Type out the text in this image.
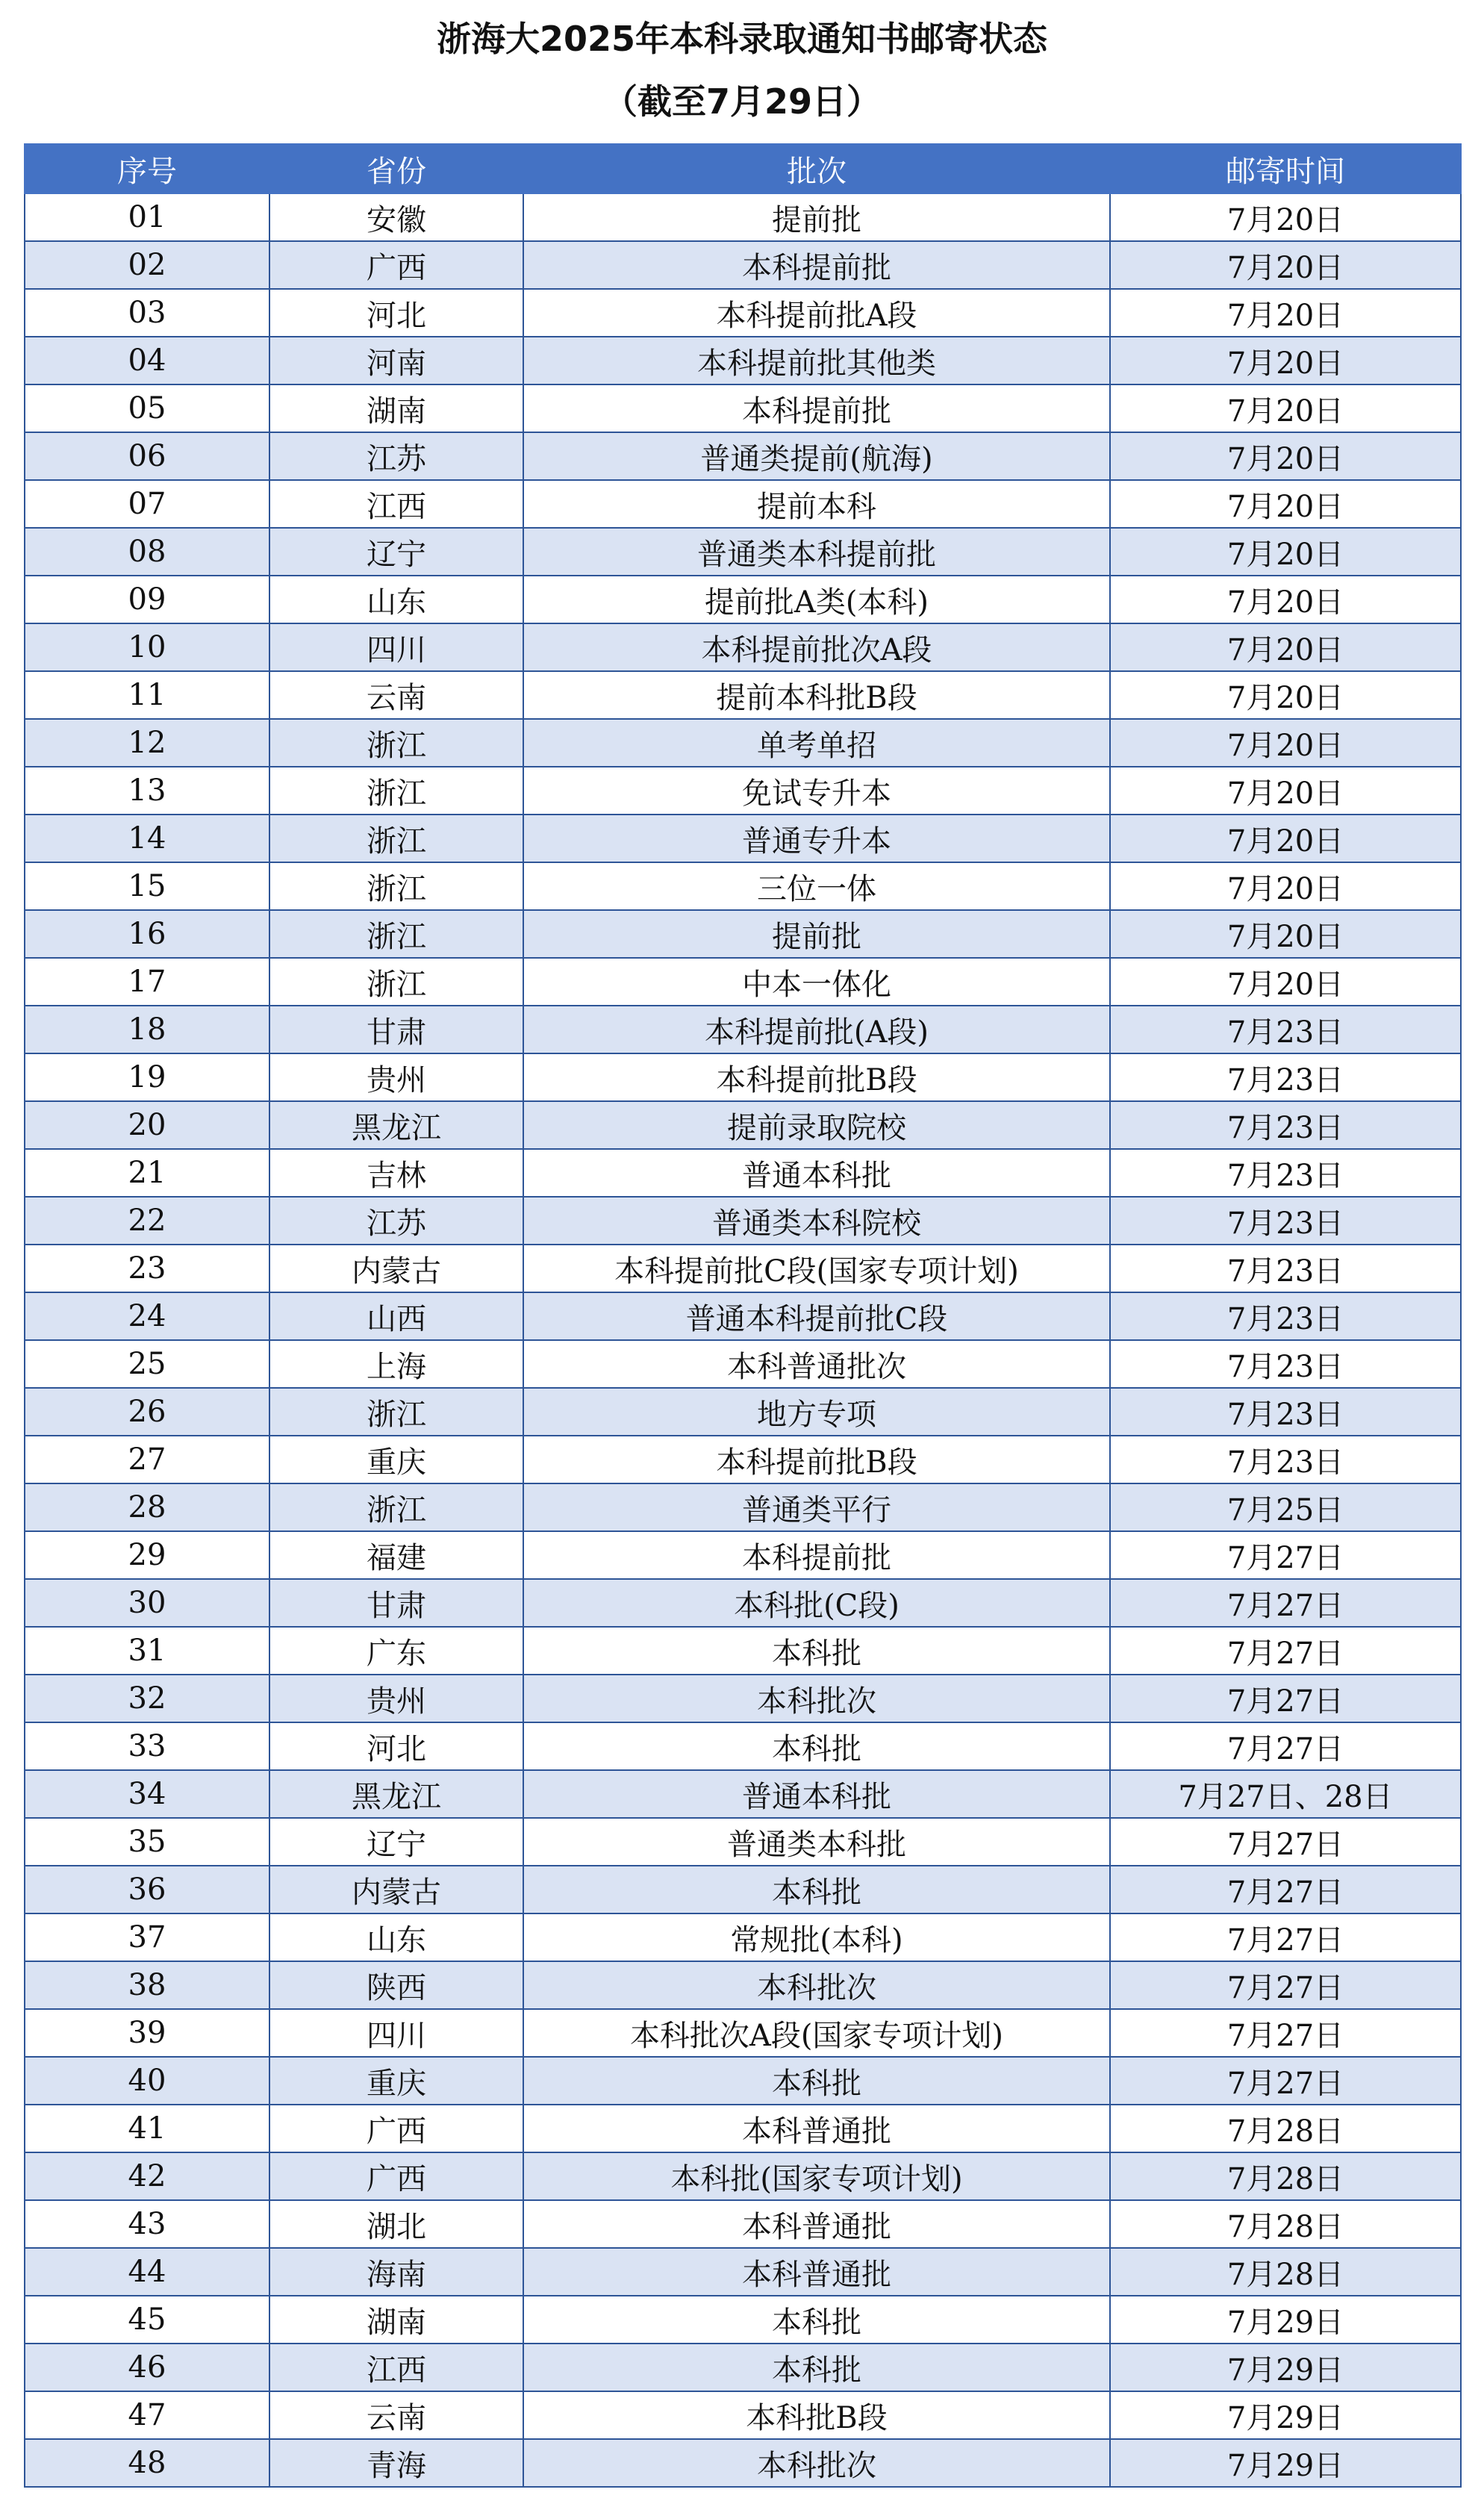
浙海大2025年本科录取通知书邮寄状态
（截至7月29日）
序号	省份	批次	邮寄时间
01	安徽	提前批	7月20日
02	广西	本科提前批	7月20日
03	河北	本科提前批A段	7月20日
04	河南	本科提前批其他类	7月20日
05	湖南	本科提前批	7月20日
06	江苏	普通类提前(航海)	7月20日
07	江西	提前本科	7月20日
08	辽宁	普通类本科提前批	7月20日
09	山东	提前批A类(本科)	7月20日
10	四川	本科提前批次A段	7月20日
11	云南	提前本科批B段	7月20日
12	浙江	单考单招	7月20日
13	浙江	免试专升本	7月20日
14	浙江	普通专升本	7月20日
15	浙江	三位一体	7月20日
16	浙江	提前批	7月20日
17	浙江	中本一体化	7月20日
18	甘肃	本科提前批(A段)	7月23日
19	贵州	本科提前批B段	7月23日
20	黑龙江	提前录取院校	7月23日
21	吉林	普通本科批	7月23日
22	江苏	普通类本科院校	7月23日
23	内蒙古	本科提前批C段(国家专项计划)	7月23日
24	山西	普通本科提前批C段	7月23日
25	上海	本科普通批次	7月23日
26	浙江	地方专项	7月23日
27	重庆	本科提前批B段	7月23日
28	浙江	普通类平行	7月25日
29	福建	本科提前批	7月27日
30	甘肃	本科批(C段)	7月27日
31	广东	本科批	7月27日
32	贵州	本科批次	7月27日
33	河北	本科批	7月27日
34	黑龙江	普通本科批	7月27日、28日
35	辽宁	普通类本科批	7月27日
36	内蒙古	本科批	7月27日
37	山东	常规批(本科)	7月27日
38	陕西	本科批次	7月27日
39	四川	本科批次A段(国家专项计划)	7月27日
40	重庆	本科批	7月27日
41	广西	本科普通批	7月28日
42	广西	本科批(国家专项计划)	7月28日
43	湖北	本科普通批	7月28日
44	海南	本科普通批	7月28日
45	湖南	本科批	7月29日
46	江西	本科批	7月29日
47	云南	本科批B段	7月29日
48	青海	本科批次	7月29日
